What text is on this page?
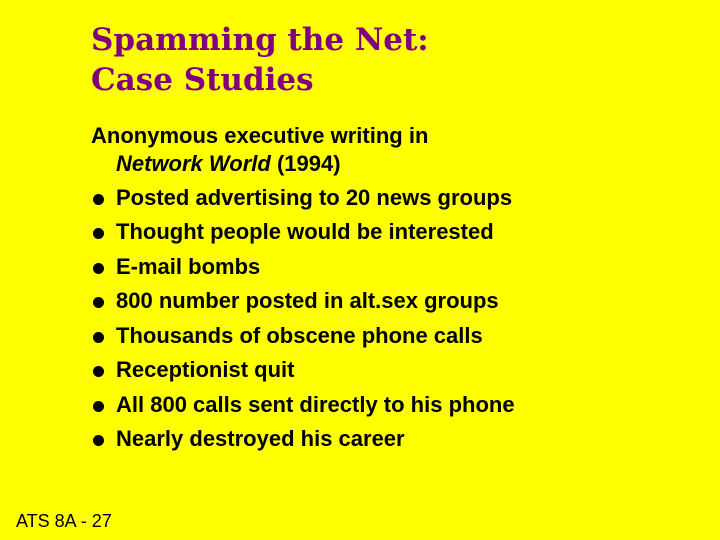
Spamming the Net:
Case Studies
Anonymous executive writing in
Network World (1994)
Posted advertising to 20 news groups
Thought people would be interested
E-mail bombs
800 number posted in alt.sex groups
Thousands of obscene phone calls
Receptionist quit
All 800 calls sent directly to his phone
Nearly destroyed his career
ATS 8A - 27
